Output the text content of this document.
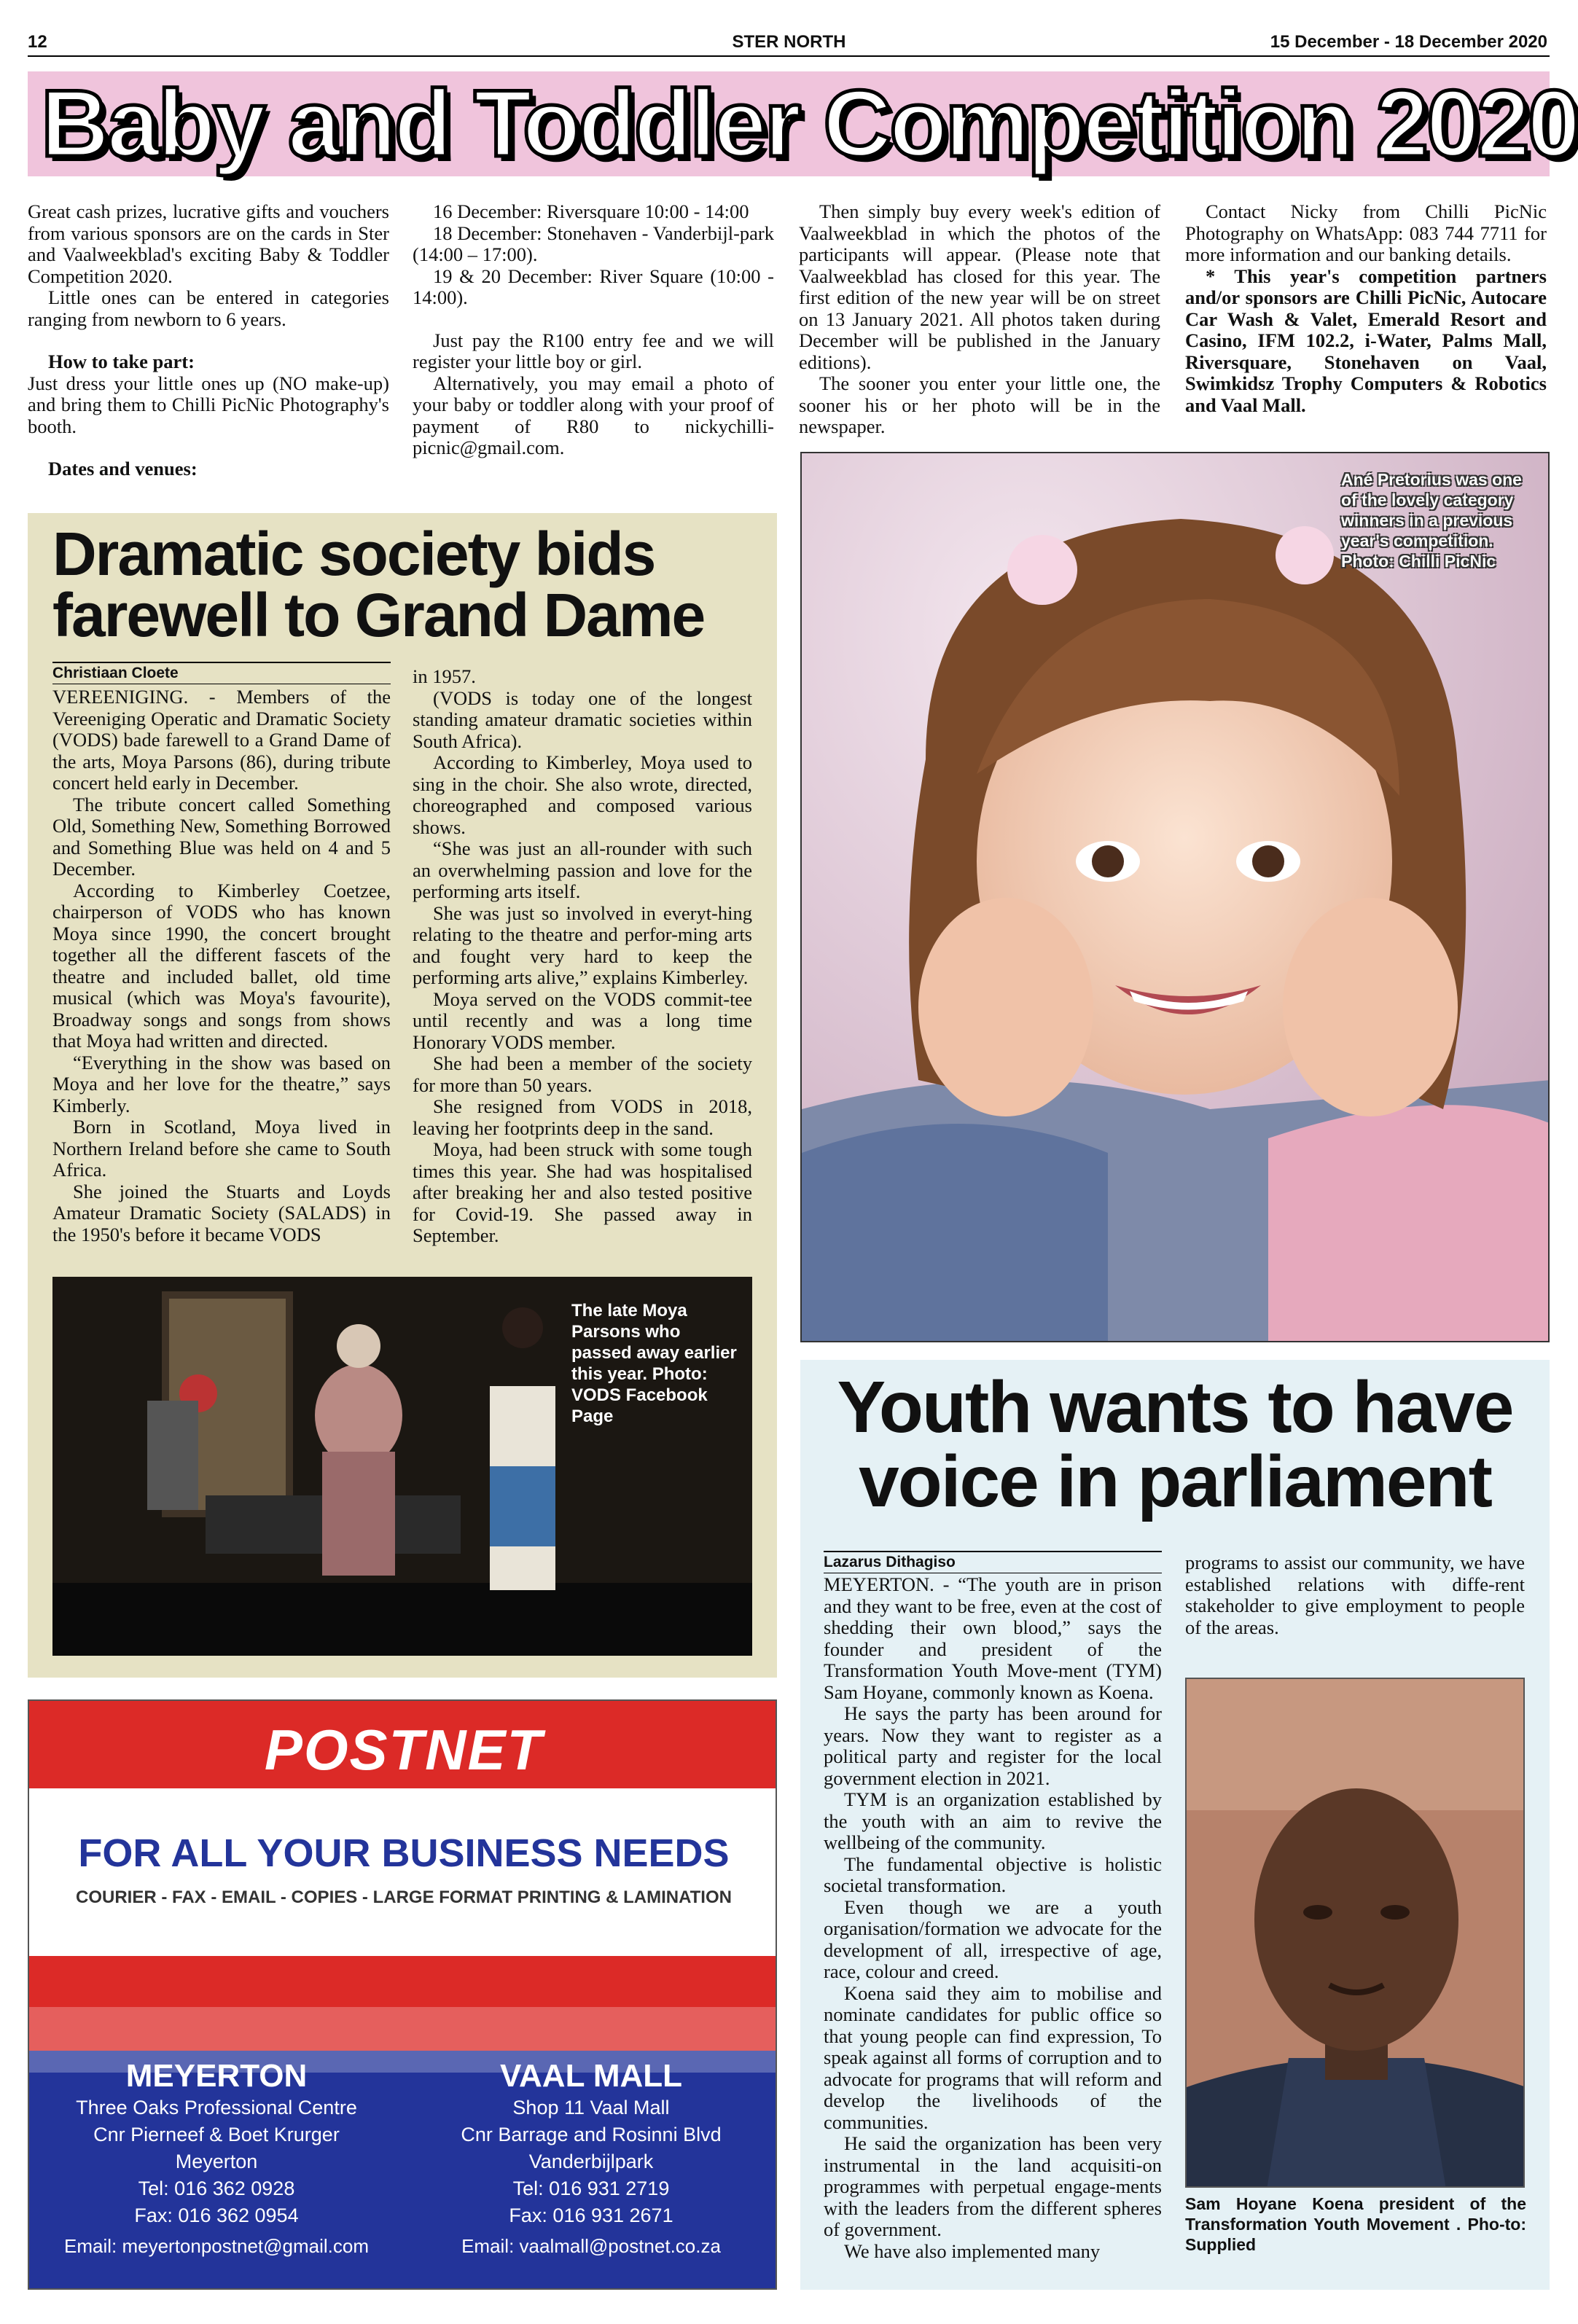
12	STER NORTH	15 December - 18 December 2020
Baby and Toddler Competition 2020

Great cash prizes, lucrative gifts and vouchers from various sponsors are on the cards in Ster and Vaalweekblad's exciting Baby & Toddler Competition 2020.

Little ones can be entered in categories ranging from newborn to 6 years.

How to take part:

Just dress your little ones up (NO make-up) and bring them to Chilli PicNic Photography's booth.

Dates and venues:

16 December: Riversquare 10:00 - 14:00

18 December: Stonehaven - Vanderbijl-park (14:00 – 17:00).

19 & 20 December: River Square (10:00 - 14:00).

Just pay the R100 entry fee and we will register your little boy or girl.

Alternatively, you may email a photo of your baby or toddler along with your proof of payment of R80 to nickychilli-picnic@gmail.com.

Then simply buy every week's edition of Vaalweekblad in which the photos of the participants will appear. (Please note that Vaalweekblad has closed for this year. The first edition of the new year will be on street on 13 January 2021. All photos taken during December will be published in the January editions).

The sooner you enter your little one, the sooner his or her photo will be in the newspaper.

Contact Nicky from Chilli PicNic Photography on WhatsApp: 083 744 7711 for more information and our banking details.

* This year's competition partners and/or sponsors are Chilli PicNic, Autocare Car Wash & Valet, Emerald Resort and Casino, IFM 102.2, i-Water, Palms Mall, Riversquare, Stonehaven on Vaal, Swimkidsz Trophy Computers & Robotics and Vaal Mall.

Ané Pretorius was one of the lovely category winners in a previous year's competition. Photo: Chilli PicNic
Dramatic society bids farewell to Grand Dame
Christiaan Cloete

VEREENIGING. - Members of the Vereeniging Operatic and Dramatic Society (VODS) bade farewell to a Grand Dame of the arts, Moya Parsons (86), during tribute concert held early in December.

The tribute concert called Something Old, Something New, Something Borrowed and Something Blue was held on 4 and 5 December.

According to Kimberley Coetzee, chairperson of VODS who has known Moya since 1990, the concert brought together all the different fascets of the theatre and included ballet, old time musical (which was Moya's favourite), Broadway songs and songs from shows that Moya had written and directed.

“Everything in the show was based on Moya and her love for the theatre,” says Kimberly.

Born in Scotland, Moya lived in Northern Ireland before she came to South Africa.

She joined the Stuarts and Loyds Amateur Dramatic Society (SALADS) in the 1950's before it became VODS

in 1957.

(VODS is today one of the longest standing amateur dramatic societies within South Africa).

According to Kimberley, Moya used to sing in the choir. She also wrote, directed, choreographed and composed various shows.

“She was just an all-rounder with such an overwhelming passion and love for the performing arts itself.

She was just so involved in everyt-hing relating to the theatre and perfor-ming arts and fought very hard to keep the performing arts alive,” explains Kimberley.

Moya served on the VODS commit-tee until recently and was a long time Honorary VODS member.

She had been a member of the society for more than 50 years.

She resigned from VODS in 2018, leaving her footprints deep in the sand.

Moya, had been struck with some tough times this year. She had was hospitalised after breaking her and also tested positive for Covid-19. She passed away in September.

The late Moya Parsons who passed away earlier this year. Photo: VODS Facebook Page
POSTNET
FOR ALL YOUR BUSINESS NEEDS
COURIER - FAX - EMAIL - COPIES - LARGE FORMAT PRINTING & LAMINATION
MEYERTON
Three Oaks Professional Centre
Cnr Pierneef & Boet Krurger
Meyerton
Tel: 016 362 0928
Fax: 016 362 0954
Email: meyertonpostnet@gmail.com
VAAL MALL
Shop 11 Vaal Mall
Cnr Barrage and Rosinni Blvd
Vanderbijlpark
Tel: 016 931 2719
Fax: 016 931 2671
Email: vaalmall@postnet.co.za
Youth wants to have voice in parliament
Lazarus Dithagiso

MEYERTON. - “The youth are in prison and they want to be free, even at the cost of shedding their own blood,” says the founder and president of the Transformation Youth Move-ment (TYM) Sam Hoyane, commonly known as Koena.

He says the party has been around for years. Now they want to register as a political party and register for the local government election in 2021.

TYM is an organization established by the youth with an aim to revive the wellbeing of the community.

The fundamental objective is holistic societal transformation.

Even though we are a youth organisation/formation we advocate for the development of all, irrespective of age, race, colour and creed.

Koena said they aim to mobilise and nominate candidates for public office so that young people can find expression, To speak against all forms of corruption and to advocate for programs that will reform and develop the livelihoods of the communities.

He said the organization has been very instrumental in the land acquisiti-on programmes with perpetual engage-ments with the leaders from the different spheres of government.

We have also implemented many

programs to assist our community, we have established relations with diffe-rent stakeholder to give employment to people of the areas.

Sam Hoyane Koena president of the Transformation Youth Movement . Pho-to: Supplied
